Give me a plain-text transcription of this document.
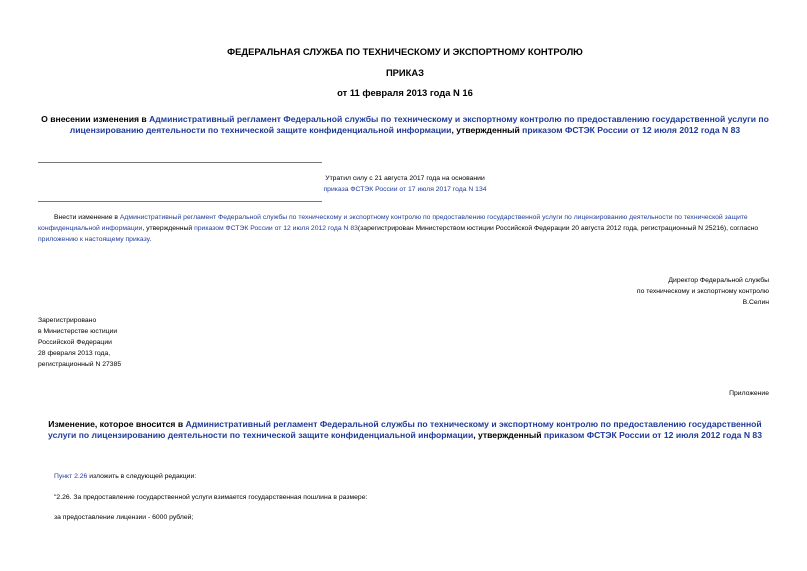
ФЕДЕРАЛЬНАЯ СЛУЖБА ПО ТЕХНИЧЕСКОМУ И ЭКСПОРТНОМУ КОНТРОЛЮ
ПРИКАЗ
от 11 февраля 2013 года N 16
О внесении изменения в Административный регламент Федеральной службы по техническому и экспортному контролю по предоставлению государственной услуги по лицензированию деятельности по технической защите конфиденциальной информации, утвержденный приказом ФСТЭК России от 12 июля 2012 года N 83
Утратил силу с 21 августа 2017 года на основании
приказа ФСТЭК России от 17 июля 2017 года N 134
Внести изменение в Административный регламент Федеральной службы по техническому и экспортному контролю по предоставлению государственной услуги по лицензированию деятельности по технической защите конфиденциальной информации, утвержденный приказом ФСТЭК России от 12 июля 2012 года N 83(зарегистрирован Министерством юстиции Российской Федерации 20 августа 2012 года, регистрационный N 25216), согласно приложению к настоящему приказу.
Директор Федеральной службы
по техническому и экспортному контролю
В.Селин
Зарегистрировано
в Министерстве юстиции
Российской Федерации
28 февраля 2013 года,
регистрационный N 27385
Приложение
Изменение, которое вносится в Административный регламент Федеральной службы по техническому и экспортному контролю по предоставлению государственной услуги по лицензированию деятельности по технической защите конфиденциальной информации, утвержденный приказом ФСТЭК России от 12 июля 2012 года N 83
Пункт 2.26 изложить в следующей редакции:
"2.26. За предоставление государственной услуги взимается государственная пошлина в размере:
за предоставление лицензии - 6000 рублей;
